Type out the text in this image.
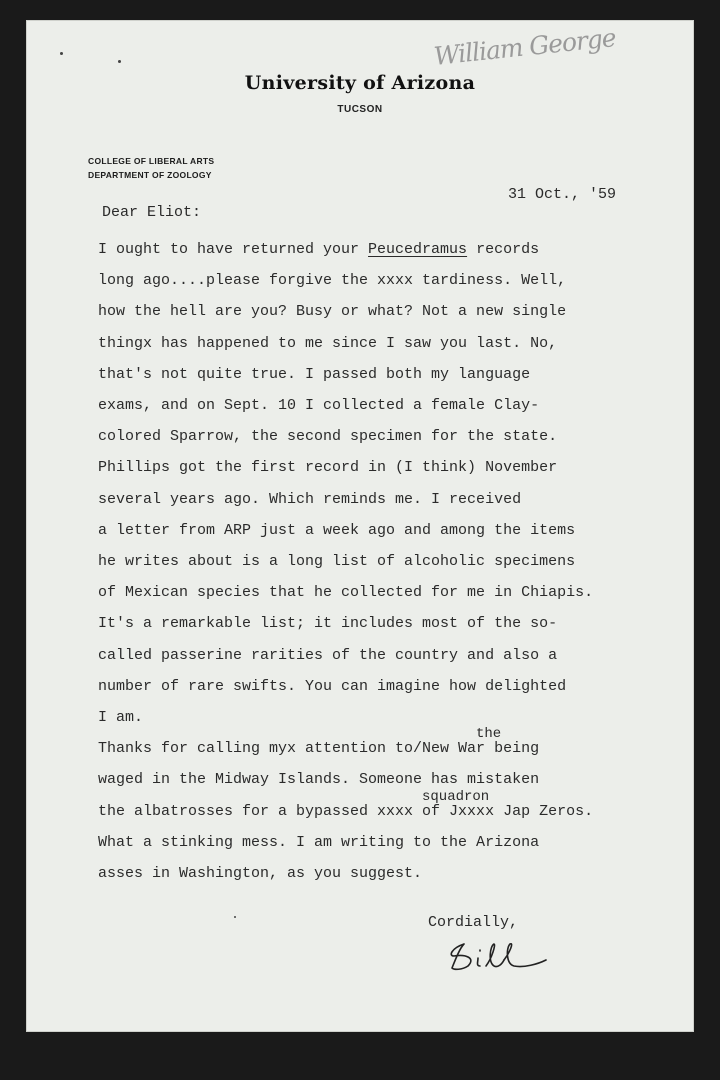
William George
University of Arizona
TUCSON
COLLEGE OF LIBERAL ARTS
DEPARTMENT OF ZOOLOGY
31 Oct., '59
Dear Eliot:
I ought to have returned your Peucedramus records
long ago....please forgive the xxxx tardiness. Well,
how the hell are you? Busy or what? Not a new single
thingx has happened to me since I saw you last. No,
that's not quite true. I passed both my language
exams, and on Sept. 10 I collected a female Clay-
colored Sparrow, the second specimen for the state.
Phillips got the first record in (I think) November
several years ago. Which reminds me. I received
a letter from ARP just a week ago and among the items
he writes about is a long list of alcoholic specimens
of Mexican species that he collected for me in Chiapis.
It's a remarkable list; it includes most of the so-
called passerine rarities of the country and also a
number of rare swifts. You can imagine how delighted
I am.
the
Thanks for calling myx attention to/New War being
waged in the Midway Islands. Someone has mistaken
squadron
the albatrosses for a bypassed xxxx of Jxxxx Jap Zeros.
What a stinking mess. I am writing to the Arizona
asses in Washington, as you suggest.
Cordially,
